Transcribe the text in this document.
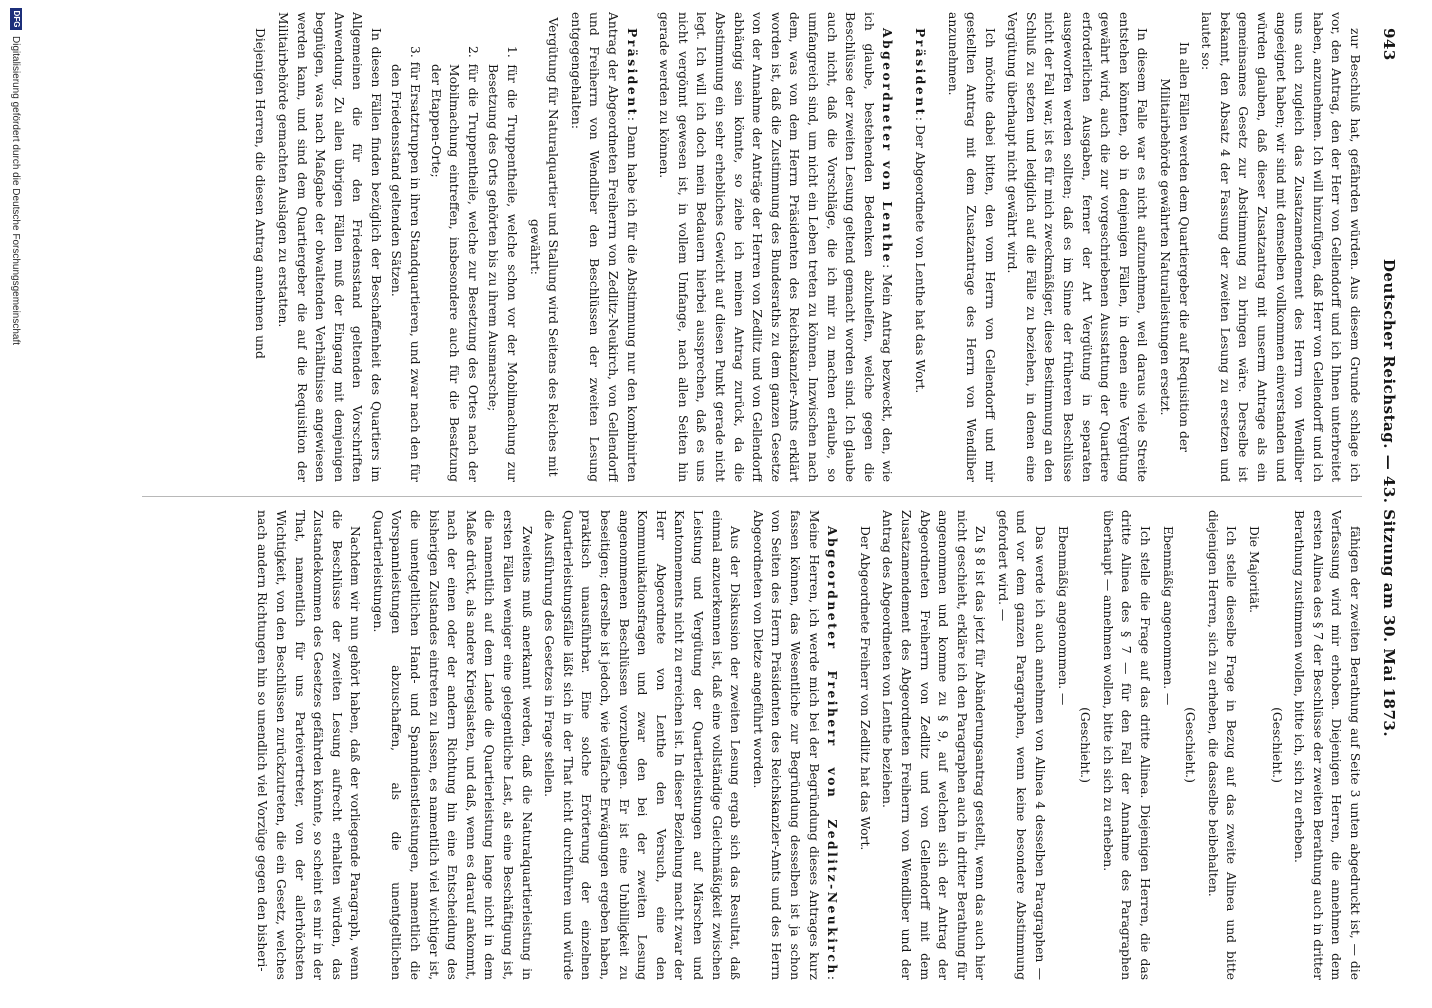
943
Deutscher Reichstag. — 43. Sitzung am 30. Mai 1873.

zur Beschluß hat, gefährden würden. Aus diesem Grunde schlage ich vor, den Antrag, den der Herr von Gellendorff und ich Ihnen unterbreitet haben, anzunehmen. Ich will hinzufügen, daß Herr von Gellendorff und ich uns auch zugleich das Zusatzamendement des Herrn von Wendliber angeeignet haben; wir sind mit demselben vollkommen einverstanden und würden glauben, daß dieser Zusatzantrag mit unserm Antrage als ein gemeinsames Gesetz zur Abstimmung zu bringen wäre. Derselbe ist bekannt, den Absatz 4 der Fassung der zweiten Lesung zu ersetzen und lautet so:

In allen Fällen werden dem Quartiergeber die auf Requisition der Militairbehörde gewährten Naturalleistungen ersetzt.

In diesem Falle war es nicht aufzunehmen, weil daraus viele Streite entstehen könnten, ob in denjenigen Fällen, in denen eine Vergütung gewährt wird, auch die zur vorgeschriebenen Ausstattung der Quartiere erforderlichen Ausgaben, ferner der Art Vergütung in separaten ausgeworfen werden sollten; daß es im Sinne der früheren Beschlüsse nicht der Fall war, ist es für mich zweckmäßiger, diese Bestimmung an den Schluß zu setzen und lediglich auf die Fälle zu beziehen, in denen eine Vergütung überhaupt nicht gewährt wird.

Ich möchte dabei bitten, den vom Herrn von Gellendorff und mir gestellten Antrag mit dem Zusatzantrage des Herrn von Wendliber anzunehmen.

Präsident: Der Abgeordnete von Lenthe hat das Wort.

Abgeordneter von Lenthe: Mein Antrag bezweckt, den, wie ich glaube, bestehenden Bedenken abzuhelfen, welche gegen die Beschlüsse der zweiten Lesung geltend gemacht worden sind. Ich glaube auch nicht, daß die Vorschläge, die ich mir zu machen erlaube, so umfangreich sind, um nicht ein Leben treten zu können. Inzwischen nach dem, was von dem Herrn Präsidenten des Reichskanzler-Amts erklärt worden ist, daß die Zustimmung des Bundesraths zu dem ganzen Gesetze von der Annahme der Anträge der Herren von Zedlitz und von Gellendorff abhängig sein könnte, so ziehe ich meinen Antrag zurück, da die Abstimmung ein sehr erhebliches Gewicht auf diesen Punkt gerade nicht legt. Ich will ich doch mein Bedauern hierbei aussprechen, daß es uns nicht vergönnt gewesen ist, in vollem Umfange, nach allen Seiten hin gerade werden zu können.

Präsident: Dann habe ich für die Abstimmung nur den kombinirten Antrag der Abgeordneten Freiherrn von Zedlitz-Neukirch, von Gellendorff und Freiherrn von Wendliber den Beschlüssen der zweiten Lesung entgegengehalten:

Vergütung für Naturalquartier und Stallung wird Seitens des Reiches mit gewährt:

1. für die Truppentheile, welche schon vor der Mobilmachung zur Besetzung des Orts gehörten bis zu ihrem Ausmarsche;

2. für die Truppentheile, welche zur Besetzung des Ortes nach der Mobilmachung eintreffen, insbesondere auch für die Besatzung der Etappen-Orte;

3. für Ersatztruppen in ihren Standquartieren, und zwar nach den für den Friedensstand geltenden Sätzen.

In diesen Fällen finden bezüglich der Beschaffenheit des Quartiers im Allgemeinen die für den Friedensstand geltenden Vorschriften Anwendung. Zu allen übrigen Fällen muß der Eingang mit demjenigen begnügen, was nach Maßgabe der obwaltenden Verhältnisse angewiesen werden kann, und sind dem Quartiergeber die auf die Requisition der Militairbehörde gemachten Auslagen zu erstatten.

Diejenigen Herren, die diesen Antrag annehmen und

fähigen der zweiten Berathung auf Seite 3 unten abgedruckt ist, — die Verfassung wird mir erhoben. Diejenigen Herren, die annehmen dem ersten Alinea des § 7 der Beschlüsse der zweiten Berathung auch in dritter Berathung zustimmen wollen, bitte ich, sich zu erheben.

(Geschieht.)

Die Majorität.

Ich stelle dieselbe Frage in Bezug auf das zweite Alinea und bitte diejenigen Herren, sich zu erheben, die dasselbe beibehalten.

(Geschieht.)

Ebenmäßig angenommen. —

Ich stelle die Frage auf das dritte Alinea. Diejenigen Herren, die das dritte Alinea des § 7 — für den Fall der Annahme des Paragraphen überhaupt — annehmen wollen, bitte ich sich zu erheben.

(Geschieht.)

Ebenmäßig angenommen. —

Das werde ich auch annehmen von Alinea 4 desselben Paragraphen — und vor dem ganzen Paragraphen, wenn keine besondere Abstimmung gefordert wird. —

Zu § 8 ist das jetzt für Abänderungsantrag gestellt, wenn das auch hier nicht geschieht, erkläre ich den Paragraphen auch in dritter Berathung für angenommen und komme zu § 9, auf welchen sich der Antrag der Abgeordneten Freiherrn von Zedlitz und von Gellendorff mit dem Zusatzamendement des Abgeordneten Freiherrn von Wendliber und der Antrag des Abgeordneten von Lenthe beziehen.

Der Abgeordnete Freiherr von Zedlitz hat das Wort.

Abgeordneter Freiherr von Zedlitz-Neukirch: Meine Herren, ich werde mich bei der Begründung dieses Antrages kurz fassen können, das Wesentliche zur Begründung desselben ist ja schon von Seiten des Herrn Präsidenten des Reichskanzler-Amts und des Herrn Abgeordneten von Dietze angeführt worden.

Aus der Diskussion der zweiten Lesung ergab sich das Resultat, daß einmal anzuerkennen ist, daß eine vollständige Gleichmäßigkeit zwischen Leistung und Vergütung der Quartierleistungen auf Märschen und Kantonnements nicht zu erreichen ist. In dieser Beziehung macht zwar der Herr Abgeordnete von Lenthe den Versuch, eine den Kommunikationsfragen und zwar den bei der zweiten Lesung angenommenen Beschlüssen vorzubeugen. Er ist eine Unbilligkeit zu beseitigen; derselbe ist jedoch, wie vielfache Erwägungen ergeben haben, praktisch unausführbar. Eine solche Erörterung der einzelnen Quartierleistungsfälle läßt sich in der That nicht durchführen und würde die Ausführung des Gesetzes in Frage stellen.

Zweitens muß anerkannt werden, daß die Naturalquartierleistung in ersten Fällen weniger eine gelegentliche Last, als eine Beschäftigung ist, die namentlich auf dem Lande die Quartierleistung lange nicht in dem Maße drückt, als andere Kriegslasten, und daß, wenn es darauf ankommt, nach der einen oder der andern Richtung hin eine Entscheidung des bisherigen Zustandes eintreten zu lassen, es namentlich viel wichtiger ist, die unentgeltlichen Hand- und Spanndienstleistungen, namentlich die Vorspannleistungen abzuschaffen, als die unentgeltlichen Quartierleistungen.

Nachdem wir nun gehört haben, daß der vorliegende Paragraph, wenn die Beschlüsse der zweiten Lesung aufrecht erhalten würden, das Zustandekommen des Gesetzes gefährden könnte, so scheint es mir in der That, namentlich für uns Parteivertreter, von der allerhöchsten Wichtigkeit, von den Beschlüssen zurückzutreten, die ein Gesetz, welches nach andern Richtungen hin so unendlich viel Vorzüge gegen den bisheri-

DFG
Digitalisierung gefördert durch die Deutsche Forschungsgemeinschaft
